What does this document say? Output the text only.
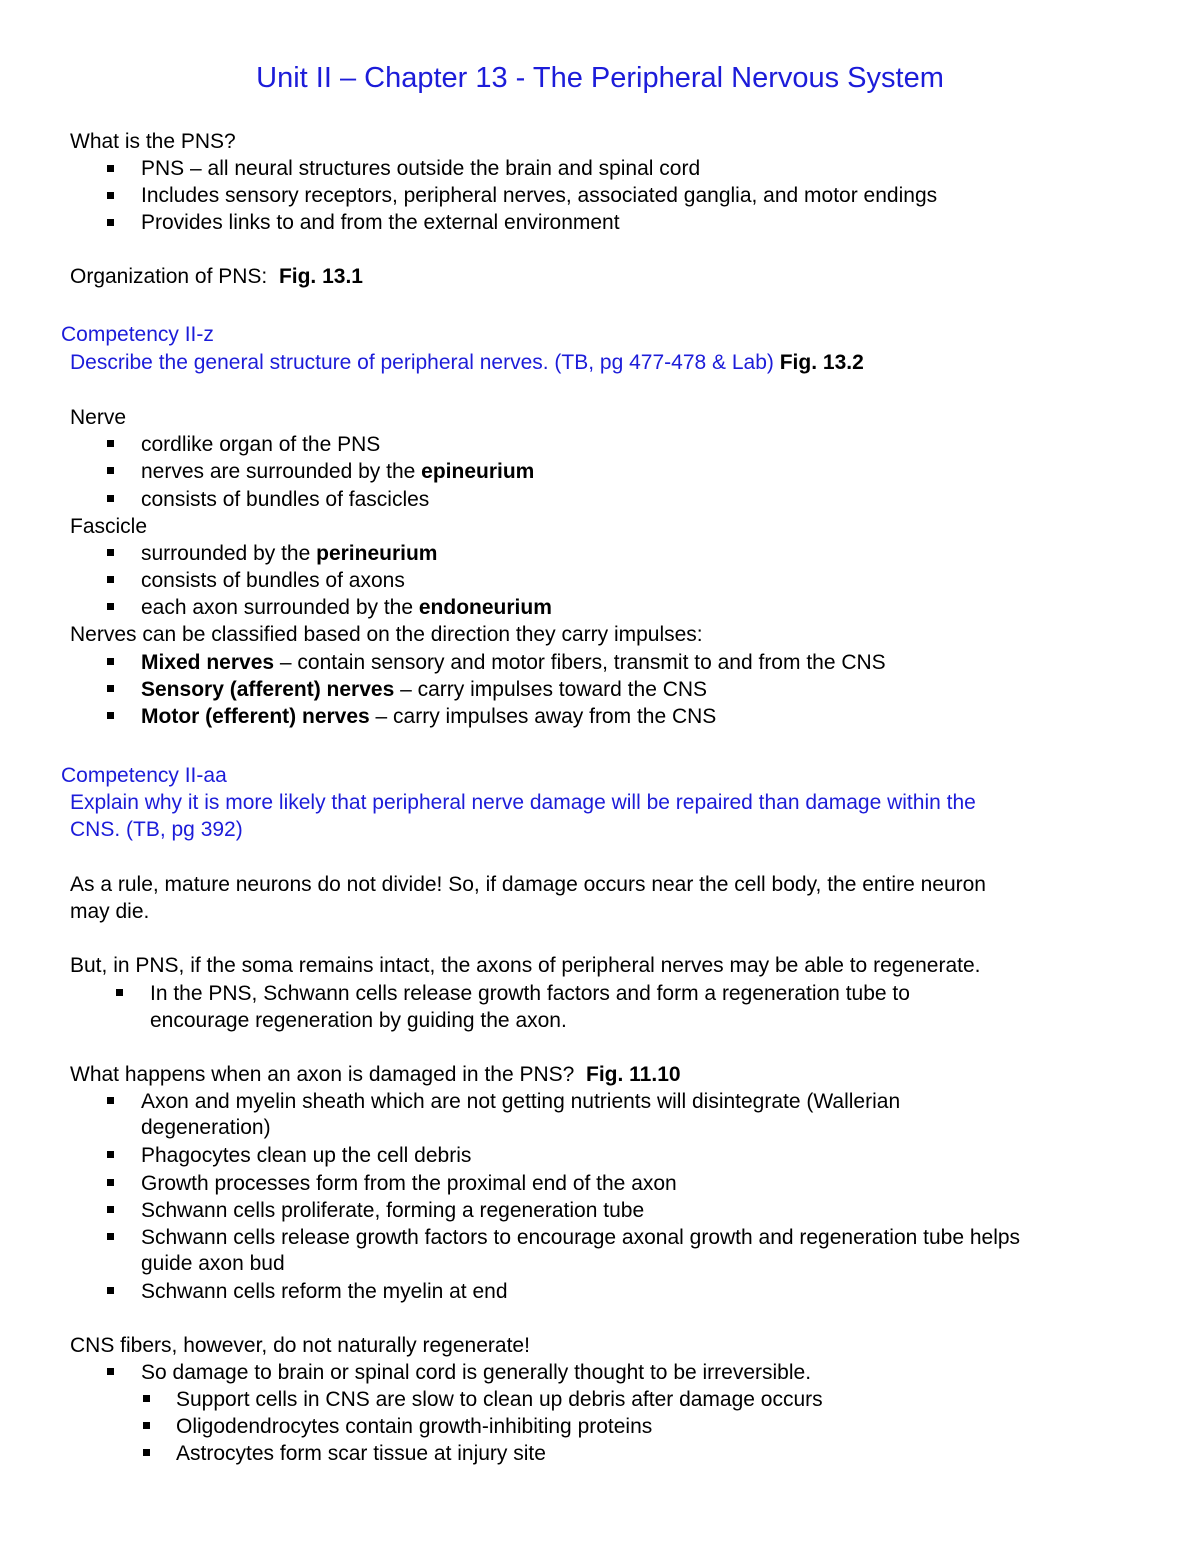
Unit II – Chapter 13 - The Peripheral Nervous System
What is the PNS?
PNS – all neural structures outside the brain and spinal cord
Includes sensory receptors, peripheral nerves, associated ganglia, and motor endings
Provides links to and from the external environment
Organization of PNS: Fig. 13.1
Competency II-z
Describe the general structure of peripheral nerves. (TB, pg 477-478 & Lab) Fig. 13.2
Nerve
cordlike organ of the PNS
nerves are surrounded by the epineurium
consists of bundles of fascicles
Fascicle
surrounded by the perineurium
consists of bundles of axons
each axon surrounded by the endoneurium
Nerves can be classified based on the direction they carry impulses:
Mixed nerves – contain sensory and motor fibers, transmit to and from the CNS
Sensory (afferent) nerves – carry impulses toward the CNS
Motor (efferent) nerves – carry impulses away from the CNS
Competency II-aa
Explain why it is more likely that peripheral nerve damage will be repaired than damage within the
CNS. (TB, pg 392)
As a rule, mature neurons do not divide! So, if damage occurs near the cell body, the entire neuron
may die.
But, in PNS, if the soma remains intact, the axons of peripheral nerves may be able to regenerate.
In the PNS, Schwann cells release growth factors and form a regeneration tube to
encourage regeneration by guiding the axon.
What happens when an axon is damaged in the PNS? Fig. 11.10
Axon and myelin sheath which are not getting nutrients will disintegrate (Wallerian
degeneration)
Phagocytes clean up the cell debris
Growth processes form from the proximal end of the axon
Schwann cells proliferate, forming a regeneration tube
Schwann cells release growth factors to encourage axonal growth and regeneration tube helps
guide axon bud
Schwann cells reform the myelin at end
CNS fibers, however, do not naturally regenerate!
So damage to brain or spinal cord is generally thought to be irreversible.
Support cells in CNS are slow to clean up debris after damage occurs
Oligodendrocytes contain growth-inhibiting proteins
Astrocytes form scar tissue at injury site
